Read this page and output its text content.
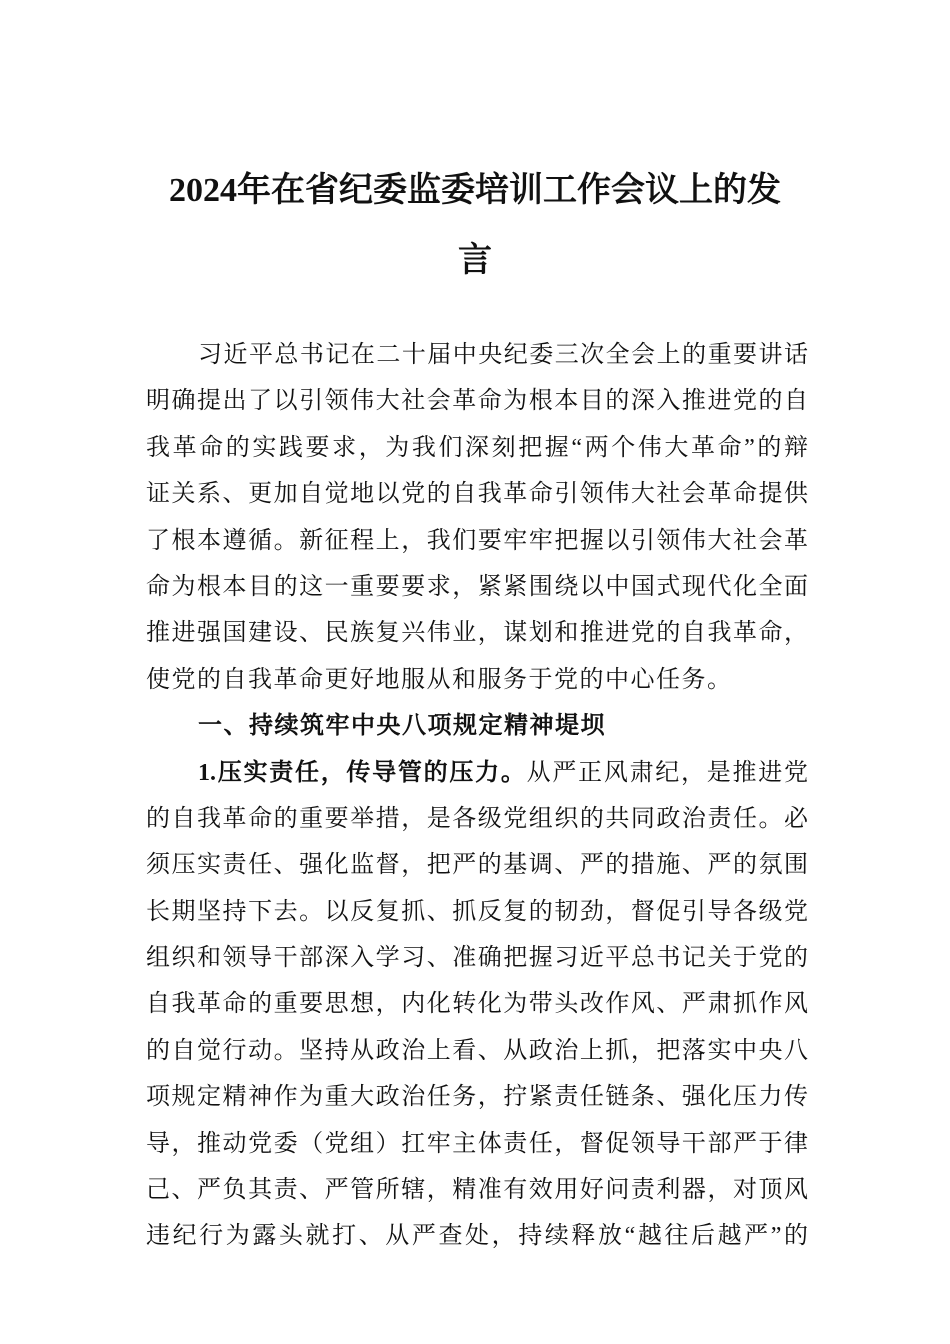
2024年在省纪委监委培训工作会议上的发
言
习近平总书记在二十届中央纪委三次全会上的重要讲话
明确提出了以引领伟大社会革命为根本目的深入推进党的自
我革命的实践要求，为我们深刻把握“两个伟大革命”的辩
证关系、更加自觉地以党的自我革命引领伟大社会革命提供
了根本遵循。新征程上，我们要牢牢把握以引领伟大社会革
命为根本目的这一重要要求，紧紧围绕以中国式现代化全面
推进强国建设、民族复兴伟业，谋划和推进党的自我革命，
使党的自我革命更好地服从和服务于党的中心任务。
一、持续筑牢中央八项规定精神堤坝
1.压实责任，传导管的压力。从严正风肃纪，是推进党
的自我革命的重要举措，是各级党组织的共同政治责任。必
须压实责任、强化监督，把严的基调、严的措施、严的氛围
长期坚持下去。以反复抓、抓反复的韧劲，督促引导各级党
组织和领导干部深入学习、准确把握习近平总书记关于党的
自我革命的重要思想，内化转化为带头改作风、严肃抓作风
的自觉行动。坚持从政治上看、从政治上抓，把落实中央八
项规定精神作为重大政治任务，拧紧责任链条、强化压力传
导，推动党委（党组）扛牢主体责任，督促领导干部严于律
己、严负其责、严管所辖，精准有效用好问责利器，对顶风
违纪行为露头就打、从严查处，持续释放“越往后越严”的
